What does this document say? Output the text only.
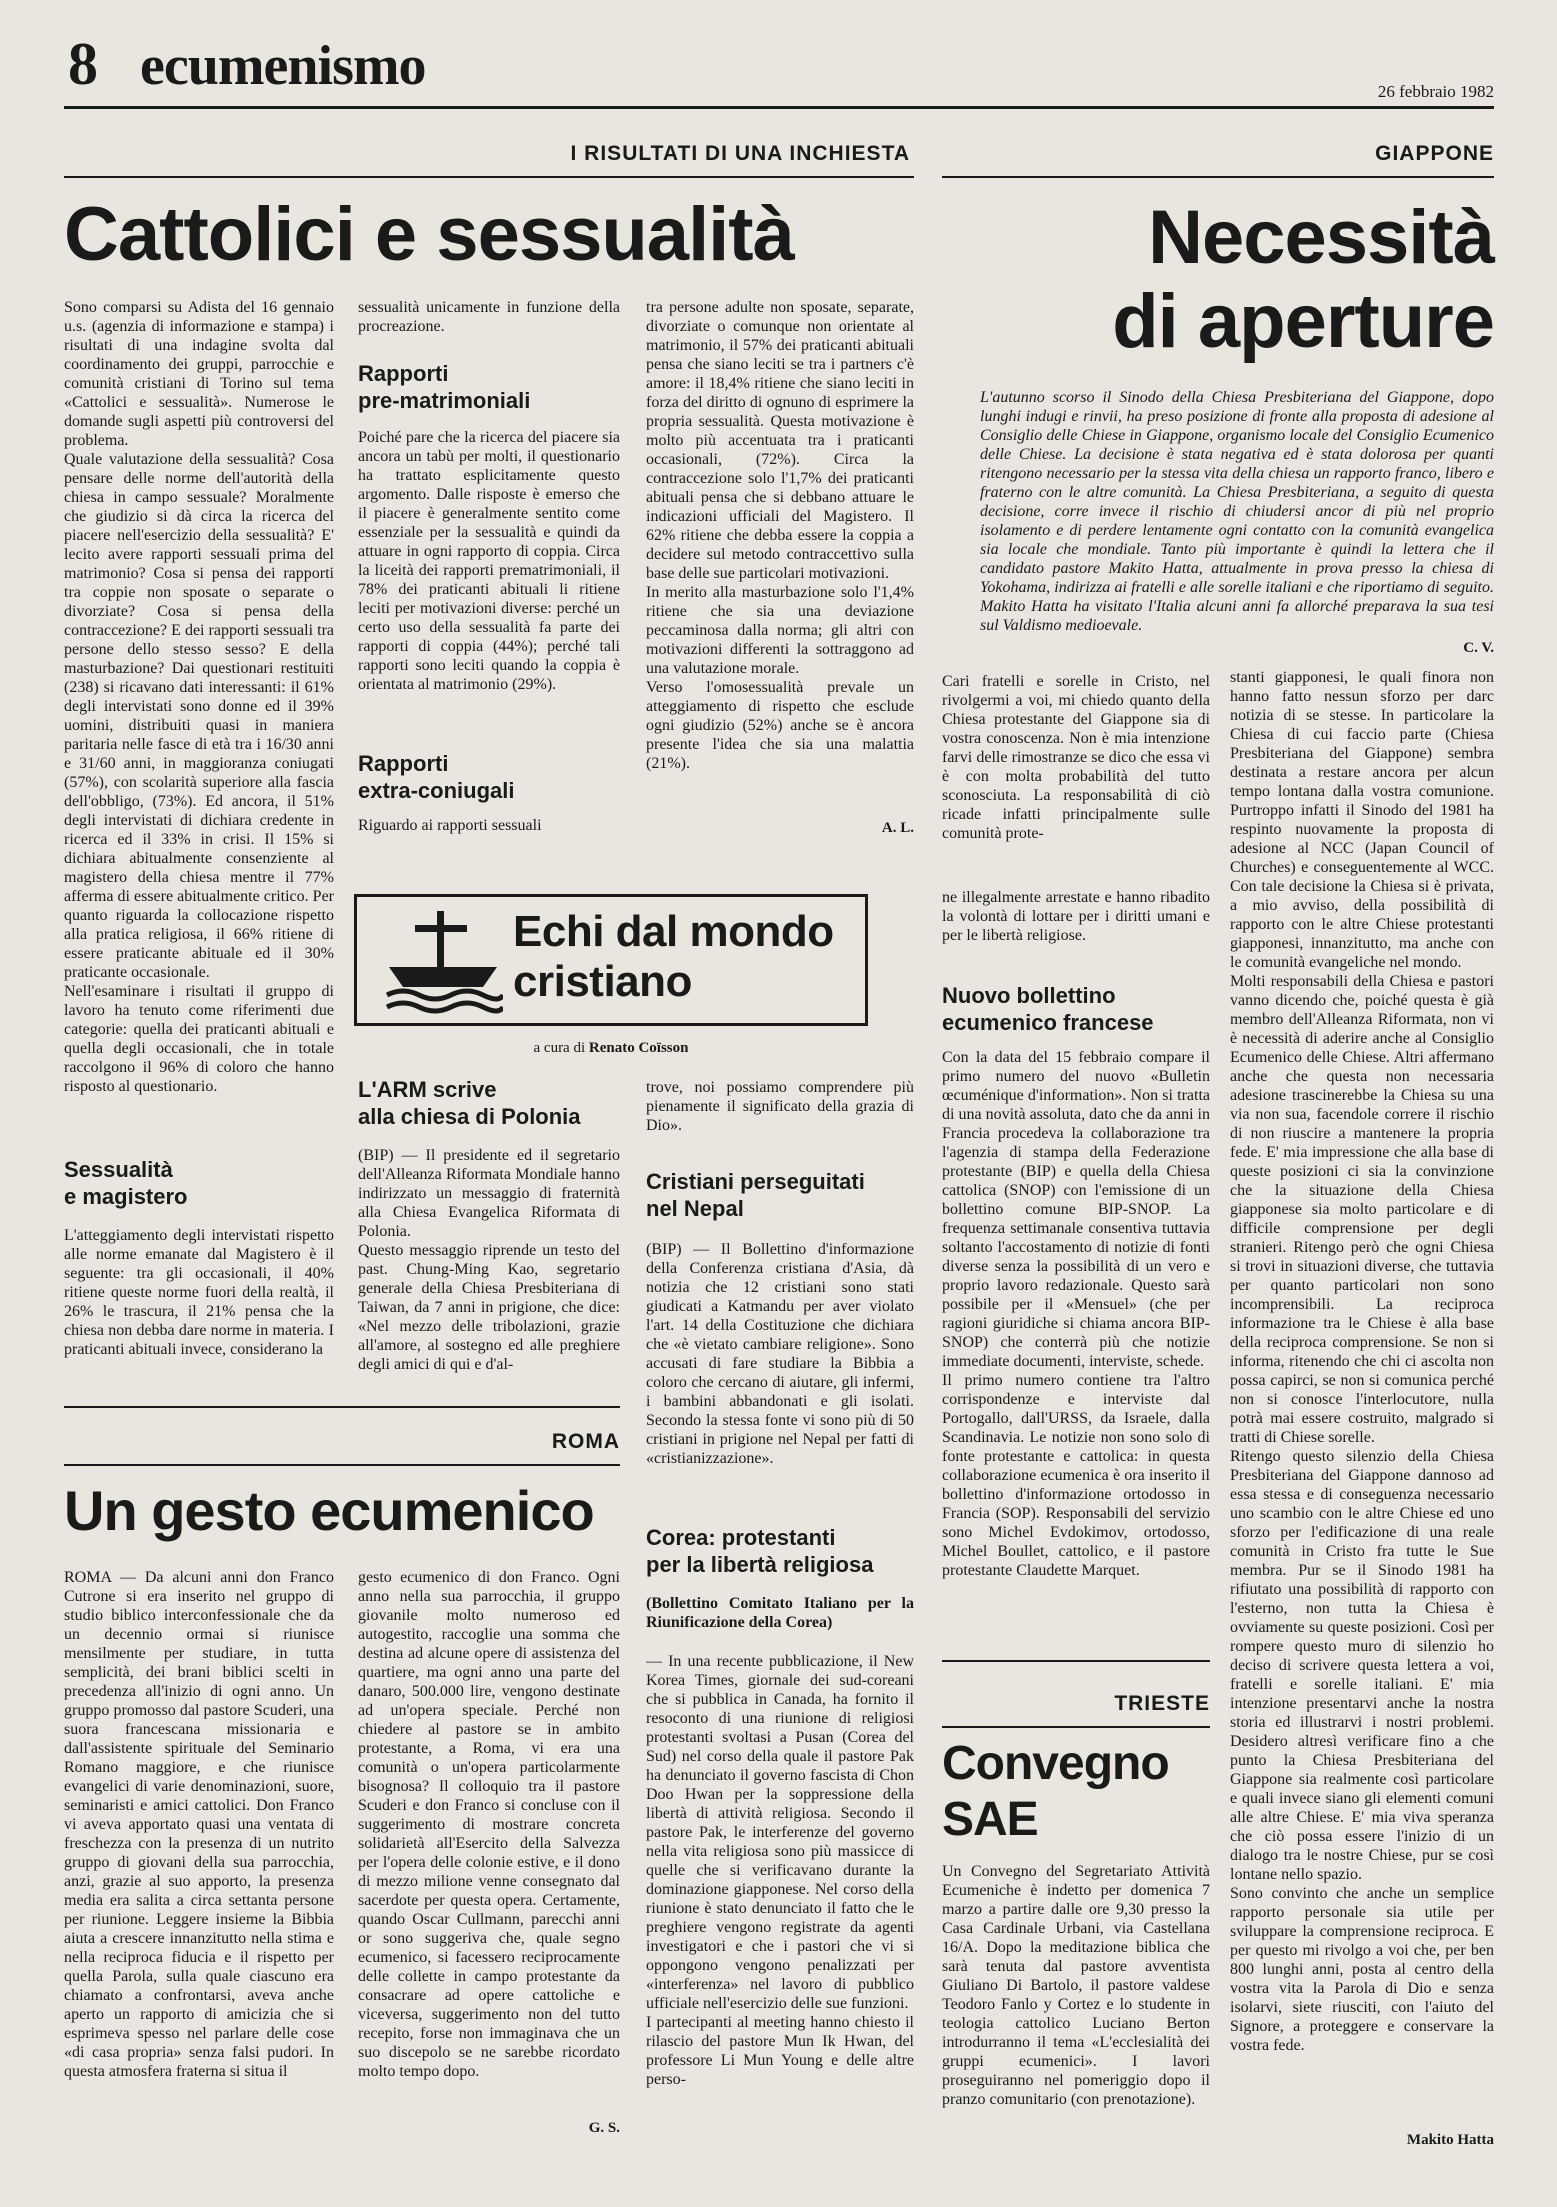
8 ecumenismo	26 febbraio 1982
I RISULTATI DI UNA INCHIESTA
Cattolici e sessualità

Sono comparsi su Adista del 16 gennaio u.s. (agenzia di informazione e stampa) i risultati di una indagine svolta dal coordinamento dei gruppi, parrocchie e comunità cristiani di Torino sul tema «Cattolici e sessualità». Numerose le domande sugli aspetti più controversi del problema.
Quale valutazione della sessualità? Cosa pensare delle norme dell'autorità della chiesa in campo sessuale? Moralmente che giudizio si dà circa la ricerca del piacere nell'esercizio della sessualità? E' lecito avere rapporti sessuali prima del matrimonio? Cosa si pensa dei rapporti tra coppie non sposate o separate o divorziate? Cosa si pensa della contraccezione? E dei rapporti sessuali tra persone dello stesso sesso? E della masturbazione? Dai questionari restituiti (238) si ricavano dati interessanti: il 61% degli intervistati sono donne ed il 39% uomini, distribuiti quasi in maniera paritaria nelle fasce di età tra i 16/30 anni e 31/60 anni, in maggioranza coniugati (57%), con scolarità superiore alla fascia dell'obbligo, (73%). Ed ancora, il 51% degli intervistati di dichiara credente in ricerca ed il 33% in crisi. Il 15% si dichiara abitualmente consenziente al magistero della chiesa mentre il 77% afferma di essere abitualmente critico. Per quanto riguarda la collocazione rispetto alla pratica religiosa, il 66% ritiene di essere praticante abituale ed il 30% praticante occasionale.
Nell'esaminare i risultati il gruppo di lavoro ha tenuto come riferimenti due categorie: quella dei praticanti abituali e quella degli occasionali, che in totale raccolgono il 96% di coloro che hanno risposto al questionario.

Sessualità
e magistero

L'atteggiamento degli intervistati rispetto alle norme emanate dal Magistero è il seguente: tra gli occasionali, il 40% ritiene queste norme fuori della realtà, il 26% le trascura, il 21% pensa che la chiesa non debba dare norme in materia. I praticanti abituali invece, considerano la

sessualità unicamente in funzione della procreazione.

Rapporti
pre-matrimoniali

Poiché pare che la ricerca del piacere sia ancora un tabù per molti, il questionario ha trattato esplicitamente questo argomento. Dalle risposte è emerso che il piacere è generalmente sentito come essenziale per la sessualità e quindi da attuare in ogni rapporto di coppia. Circa la liceità dei rapporti prematrimoniali, il 78% dei praticanti abituali li ritiene leciti per motivazioni diverse: perché un certo uso della sessualità fa parte dei rapporti di coppia (44%); perché tali rapporti sono leciti quando la coppia è orientata al matrimonio (29%).

Rapporti
extra-coniugali

Riguardo ai rapporti sessuali

tra persone adulte non sposate, separate, divorziate o comunque non orientate al matrimonio, il 57% dei praticanti abituali pensa che siano leciti se tra i partners c'è amore: il 18,4% ritiene che siano leciti in forza del diritto di ognuno di esprimere la propria sessualità. Questa motivazione è molto più accentuata tra i praticanti occasionali, (72%). Circa la contraccezione solo l'1,7% dei praticanti abituali pensa che si debbano attuare le indicazioni ufficiali del Magistero. Il 62% ritiene che debba essere la coppia a decidere sul metodo contraccettivo sulla base delle sue particolari motivazioni.
In merito alla masturbazione solo l'1,4% ritiene che sia una deviazione peccaminosa dalla norma; gli altri con motivazioni differenti la sottraggono ad una valutazione morale.
Verso l'omosessualità prevale un atteggiamento di rispetto che esclude ogni giudizio (52%) anche se è ancora presente l'idea che sia una malattia (21%).

A. L.

GIAPPONE
Necessità
di aperture

L'autunno scorso il Sinodo della Chiesa Presbiteriana del Giappone, dopo lunghi indugi e rinvii, ha preso posizione di fronte alla proposta di adesione al Consiglio delle Chiese in Giappone, organismo locale del Consiglio Ecumenico delle Chiese. La decisione è stata negativa ed è stata dolorosa per quanti ritengono necessario per la stessa vita della chiesa un rapporto franco, libero e fraterno con le altre comunità. La Chiesa Presbiteriana, a seguito di questa decisione, corre invece il rischio di chiudersi ancor di più nel proprio isolamento e di perdere lentamente ogni contatto con la comunità evangelica sia locale che mondiale. Tanto più importante è quindi la lettera che il candidato pastore Makito Hatta, attualmente in prova presso la chiesa di Yokohama, indirizza ai fratelli e alle sorelle italiani e che riportiamo di seguito. Makito Hatta ha visitato l'Italia alcuni anni fa allorché preparava la sua tesi sul Valdismo medioevale.

C. V.

Cari fratelli e sorelle in Cristo, nel rivolgermi a voi, mi chiedo quanto della Chiesa protestante del Giappone sia di vostra conoscenza. Non è mia intenzione farvi delle rimostranze se dico che essa vi è con molta probabilità del tutto sconosciuta. La responsabilità di ciò ricade infatti principalmente sulle comunità prote-

stanti giapponesi, le quali finora non hanno fatto nessun sforzo per darc notizia di se stesse. In particolare la Chiesa di cui faccio parte (Chiesa Presbiteriana del Giappone) sembra destinata a restare ancora per alcun tempo lontana dalla vostra comunione. Purtroppo infatti il Sinodo del 1981 ha respinto nuovamente la proposta di adesione al NCC (Japan Council of Churches) e conseguentemente al WCC. Con tale decisione la Chiesa si è privata, a mio avviso, della possibilità di rapporto con le altre Chiese protestanti giapponesi, innanzitutto, ma anche con le comunità evangeliche nel mondo.
Molti responsabili della Chiesa e pastori vanno dicendo che, poiché questa è già membro dell'Alleanza Riformata, non vi è necessità di aderire anche al Consiglio Ecumenico delle Chiese. Altri affermano anche che questa non necessaria adesione trascinerebbe la Chiesa su una via non sua, facendole correre il rischio di non riuscire a mantenere la propria fede. E' mia impressione che alla base di queste posizioni ci sia la convinzione che la situazione della Chiesa giapponese sia molto particolare e di difficile comprensione per degli stranieri. Ritengo però che ogni Chiesa si trovi in situazioni diverse, che tuttavia per quanto particolari non sono incomprensibili. La reciproca informazione tra le Chiese è alla base della reciproca comprensione. Se non si informa, ritenendo che chi ci ascolta non possa capirci, se non si comunica perché non si conosce l'interlocutore, nulla potrà mai essere costruito, malgrado si tratti di Chiese sorelle.
Ritengo questo silenzio della Chiesa Presbiteriana del Giappone dannoso ad essa stessa e di conseguenza necessario uno scambio con le altre Chiese ed uno sforzo per l'edificazione di una reale comunità in Cristo fra tutte le Sue membra. Pur se il Sinodo 1981 ha rifiutato una possibilità di rapporto con l'esterno, non tutta la Chiesa è ovviamente su queste posizioni. Così per rompere questo muro di silenzio ho deciso di scrivere questa lettera a voi, fratelli e sorelle italiani. E' mia intenzione presentarvi anche la nostra storia ed illustrarvi i nostri problemi. Desidero altresì verificare fino a che punto la Chiesa Presbiteriana del Giappone sia realmente così particolare e quali invece siano gli elementi comuni alle altre Chiese. E' mia viva speranza che ciò possa essere l'inizio di un dialogo tra le nostre Chiese, pur se così lontane nello spazio.
Sono convinto che anche un semplice rapporto personale sia utile per sviluppare la comprensione reciproca. E per questo mi rivolgo a voi che, per ben 800 lunghi anni, posta al centro della vostra vita la Parola di Dio e senza isolarvi, siete riusciti, con l'aiuto del Signore, a proteggere e conservare la vostra fede.

Makito Hatta

Echi dal mondo
cristiano
a cura di Renato Coïsson

L'ARM scrive
alla chiesa di Polonia

(BIP) — Il presidente ed il segretario dell'Alleanza Riformata Mondiale hanno indirizzato un messaggio di fraternità alla Chiesa Evangelica Riformata di Polonia.
Questo messaggio riprende un testo del past. Chung-Ming Kao, segretario generale della Chiesa Presbiteriana di Taiwan, da 7 anni in prigione, che dice: «Nel mezzo delle tribolazioni, grazie all'amore, al sostegno ed alle preghiere degli amici di qui e d'al-

trove, noi possiamo comprendere più pienamente il significato della grazia di Dio».

Cristiani perseguitati
nel Nepal

(BIP) — Il Bollettino d'informazione della Conferenza cristiana d'Asia, dà notizia che 12 cristiani sono stati giudicati a Katmandu per aver violato l'art. 14 della Costituzione che dichiara che «è vietato cambiare religione». Sono accusati di fare studiare la Bibbia a coloro che cercano di aiutare, gli infermi, i bambini abbandonati e gli isolati. Secondo la stessa fonte vi sono più di 50 cristiani in prigione nel Nepal per fatti di «cristianizzazione».

Corea: protestanti
per la libertà religiosa

(Bollettino Comitato Italiano per la Riunificazione della Corea)

— In una recente pubblicazione, il New Korea Times, giornale dei sud-coreani che si pubblica in Canada, ha fornito il resoconto di una riunione di religiosi protestanti svoltasi a Pusan (Corea del Sud) nel corso della quale il pastore Pak ha denunciato il governo fascista di Chon Doo Hwan per la soppressione della libertà di attività religiosa. Secondo il pastore Pak, le interferenze del governo nella vita religiosa sono più massicce di quelle che si verificavano durante la dominazione giapponese. Nel corso della riunione è stato denunciato il fatto che le preghiere vengono registrate da agenti investigatori e che i pastori che vi si oppongono vengono penalizzati per «interferenza» nel lavoro di pubblico ufficiale nell'esercizio delle sue funzioni.
I partecipanti al meeting hanno chiesto il rilascio del pastore Mun Ik Hwan, del professore Li Mun Young e delle altre perso-

ne illegalmente arrestate e hanno ribadito la volontà di lottare per i diritti umani e per le libertà religiose.

Nuovo bollettino
ecumenico francese

Con la data del 15 febbraio compare il primo numero del nuovo «Bulletin œcuménique d'information». Non si tratta di una novità assoluta, dato che da anni in Francia procedeva la collaborazione tra l'agenzia di stampa della Federazione protestante (BIP) e quella della Chiesa cattolica (SNOP) con l'emissione di un bollettino comune BIP-SNOP. La frequenza settimanale consentiva tuttavia soltanto l'accostamento di notizie di fonti diverse senza la possibilità di un vero e proprio lavoro redazionale. Questo sarà possibile per il «Mensuel» (che per ragioni giuridiche si chiama ancora BIP-SNOP) che conterrà più che notizie immediate documenti, interviste, schede.
Il primo numero contiene tra l'altro corrispondenze e interviste dal Portogallo, dall'URSS, da Israele, dalla Scandinavia. Le notizie non sono solo di fonte protestante e cattolica: in questa collaborazione ecumenica è ora inserito il bollettino d'informazione ortodosso in Francia (SOP). Responsabili del servizio sono Michel Evdokimov, ortodosso, Michel Boullet, cattolico, e il pastore protestante Claudette Marquet.

ROMA
Un gesto ecumenico

ROMA — Da alcuni anni don Franco Cutrone si era inserito nel gruppo di studio biblico interconfessionale che da un decennio ormai si riunisce mensilmente per studiare, in tutta semplicità, dei brani biblici scelti in precedenza all'inizio di ogni anno. Un gruppo promosso dal pastore Scuderi, una suora francescana missionaria e dall'assistente spirituale del Seminario Romano maggiore, e che riunisce evangelici di varie denominazioni, suore, seminaristi e amici cattolici. Don Franco vi aveva apportato quasi una ventata di freschezza con la presenza di un nutrito gruppo di giovani della sua parrocchia, anzi, grazie al suo apporto, la presenza media era salita a circa settanta persone per riunione. Leggere insieme la Bibbia aiuta a crescere innanzitutto nella stima e nella reciproca fiducia e il rispetto per quella Parola, sulla quale ciascuno era chiamato a confrontarsi, aveva anche aperto un rapporto di amicizia che si esprimeva spesso nel parlare delle cose «di casa propria» senza falsi pudori. In questa atmosfera fraterna si situa il

gesto ecumenico di don Franco. Ogni anno nella sua parrocchia, il gruppo giovanile molto numeroso ed autogestito, raccoglie una somma che destina ad alcune opere di assistenza del quartiere, ma ogni anno una parte del danaro, 500.000 lire, vengono destinate ad un'opera speciale. Perché non chiedere al pastore se in ambito protestante, a Roma, vi era una comunità o un'opera particolarmente bisognosa? Il colloquio tra il pastore Scuderi e don Franco si concluse con il suggerimento di mostrare concreta solidarietà all'Esercito della Salvezza per l'opera delle colonie estive, e il dono di mezzo milione venne consegnato dal sacerdote per questa opera. Certamente, quando Oscar Cullmann, parecchi anni or sono suggeriva che, quale segno ecumenico, si facessero reciprocamente delle collette in campo protestante da consacrare ad opere cattoliche e viceversa, suggerimento non del tutto recepito, forse non immaginava che un suo discepolo se ne sarebbe ricordato molto tempo dopo.

G. S.

TRIESTE
Convegno
SAE

Un Convegno del Segretariato Attività Ecumeniche è indetto per domenica 7 marzo a partire dalle ore 9,30 presso la Casa Cardinale Urbani, via Castellana 16/A. Dopo la meditazione biblica che sarà tenuta dal pastore avventista Giuliano Di Bartolo, il pastore valdese Teodoro Fanlo y Cortez e lo studente in teologia cattolico Luciano Berton introdurranno il tema «L'ecclesialità dei gruppi ecumenici». I lavori proseguiranno nel pomeriggio dopo il pranzo comunitario (con prenotazione).
